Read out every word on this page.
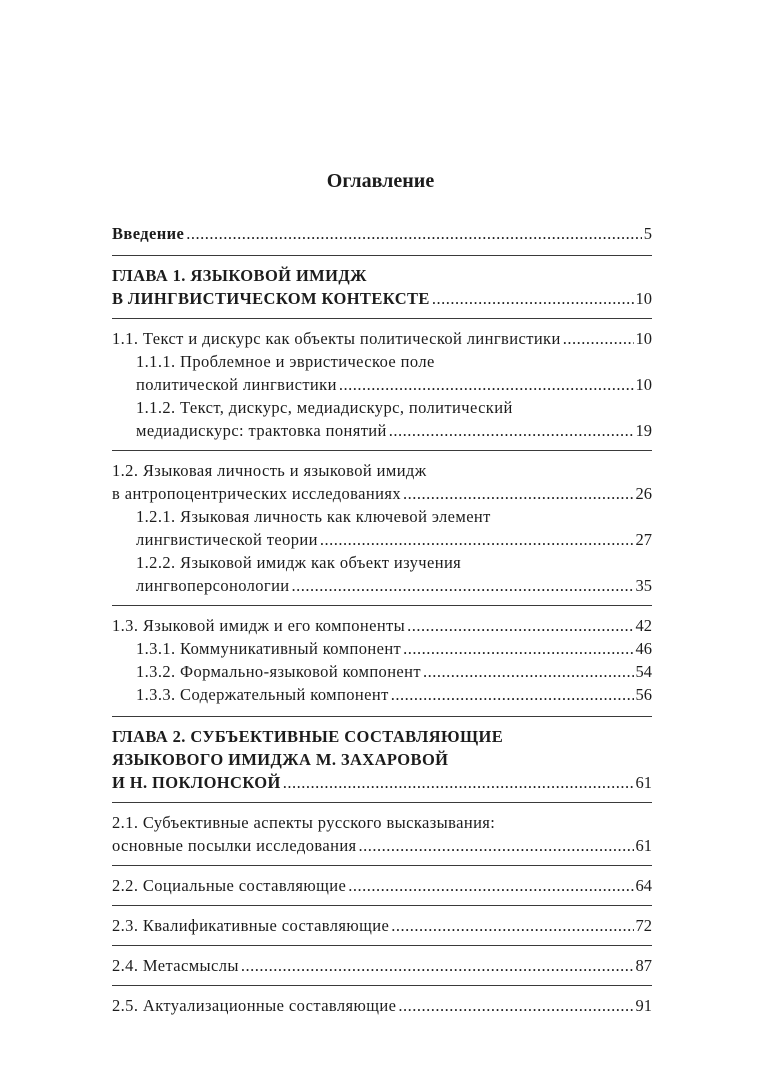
Оглавление
Введение .....	5
ГЛАВА 1. ЯЗЫКОВОЙ ИМИДЖ
В ЛИНГВИСТИЧЕСКОМ КОНТЕКСТЕ .....	10
1.1. Текст и дискурс как объекты политической лингвистики .....	10
1.1.1. Проблемное и эвристическое поле
политической лингвистики .....	10
1.1.2. Текст, дискурс, медиадискурс, политический
медиадискурс: трактовка понятий .....	19
1.2. Языковая личность и языковой имидж
в антропоцентрических исследованиях .....	26
1.2.1. Языковая личность как ключевой элемент
лингвистической теории .....	27
1.2.2. Языковой имидж как объект изучения
лингвоперсонологии .....	35
1.3. Языковой имидж и его компоненты .....	42
1.3.1. Коммуникативный компонент .....	46
1.3.2. Формально-языковой компонент .....	54
1.3.3. Содержательный компонент .....	56
ГЛАВА 2. СУБЪЕКТИВНЫЕ СОСТАВЛЯЮЩИЕ
ЯЗЫКОВОГО ИМИДЖА М. ЗАХАРОВОЙ
И Н. ПОКЛОНСКОЙ .....	61
2.1. Субъективные аспекты русского высказывания:
основные посылки исследования .....	61
2.2. Социальные составляющие .....	64
2.3. Квалификативные составляющие .....	72
2.4. Метасмыслы .....	87
2.5. Актуализационные составляющие .....	91
